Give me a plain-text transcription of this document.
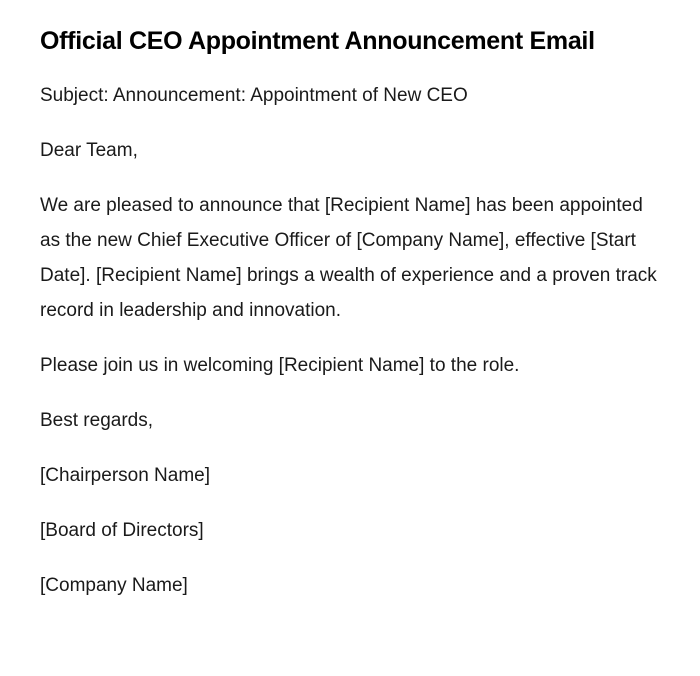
Official CEO Appointment Announcement Email

Subject: Announcement: Appointment of New CEO

Dear Team,

We are pleased to announce that [Recipient Name] has been appointed as the new Chief Executive Officer of [Company Name], effective [Start Date]. [Recipient Name] brings a wealth of experience and a proven track record in leadership and innovation.

Please join us in welcoming [Recipient Name] to the role.

Best regards,

[Chairperson Name]

[Board of Directors]

[Company Name]
